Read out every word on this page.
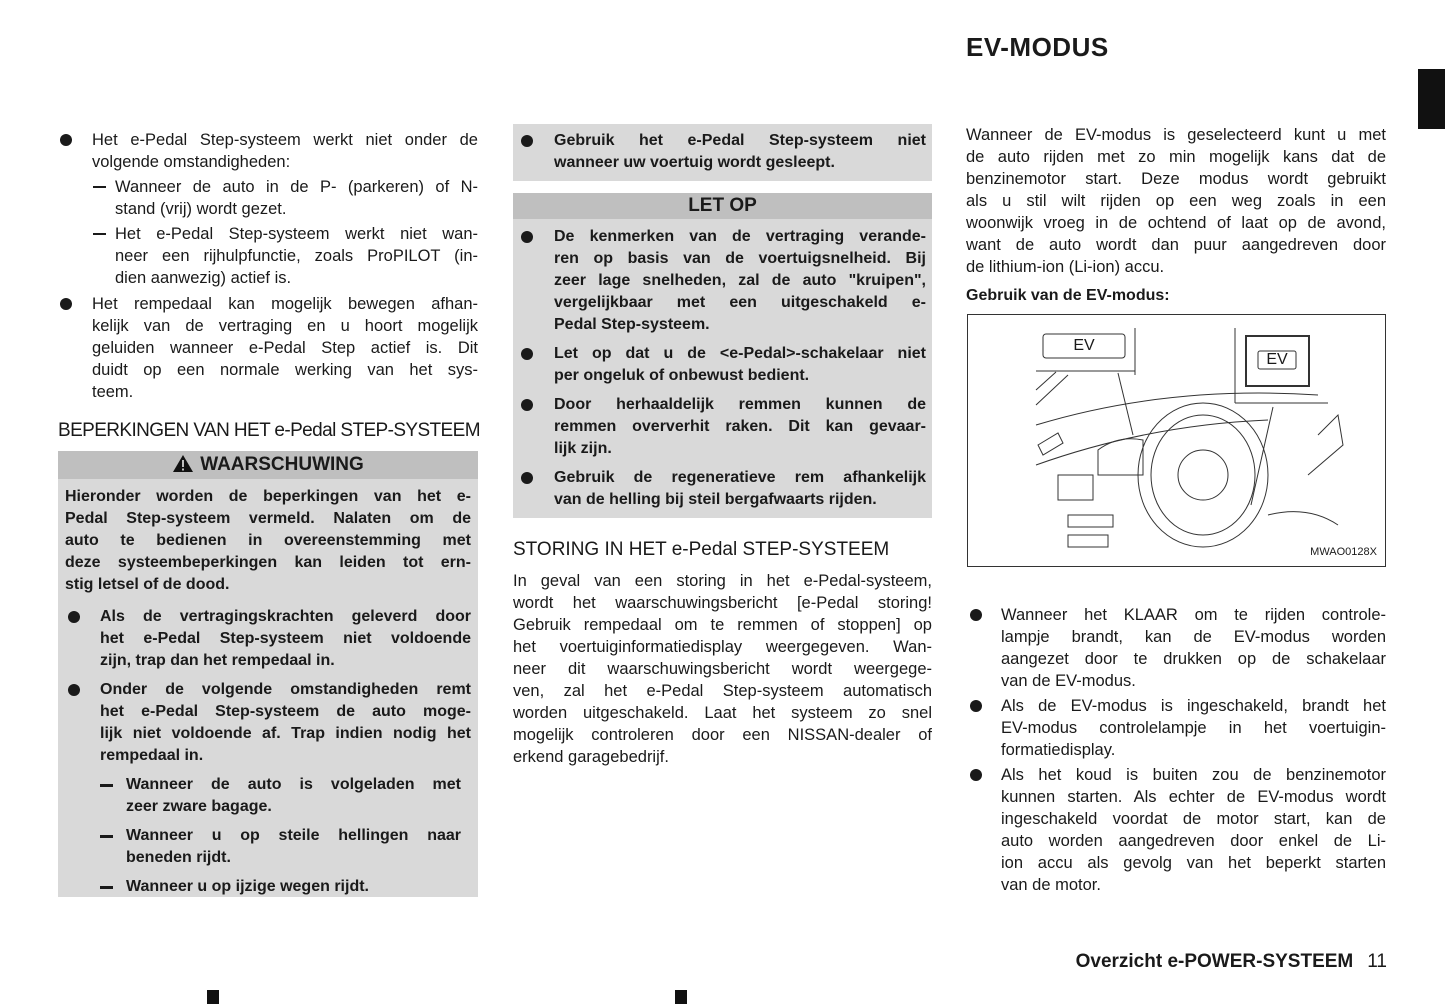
EV-MODUS
WAARSCHUWING
LET OP
BEPERKINGEN VAN HET e-Pedal STEP-SYSTEEM
STORING IN HET e-Pedal STEP-SYSTEEM
EV
EV
MWAO0128X
Overzicht e-POWER-SYSTEEM 11
Het e-Pedal Step-systeem werkt niet onder de
volgende omstandigheden:
Wanneer de auto in de P- (parkeren) of N-
stand (vrij) wordt gezet.
Het e-Pedal Step-systeem werkt niet wan-
neer een rijhulpfunctie, zoals ProPILOT (in-
dien aanwezig) actief is.
Het rempedaal kan mogelijk bewegen afhan-
kelijk van de vertraging en u hoort mogelijk
geluiden wanneer e-Pedal Step actief is. Dit
duidt op een normale werking van het sys-
teem.
Hieronder worden de beperkingen van het e-
Pedal Step-systeem vermeld. Nalaten om de
auto te bedienen in overeenstemming met
deze systeembeperkingen kan leiden tot ern-
stig letsel of de dood.
Als de vertragingskrachten geleverd door
het e-Pedal Step-systeem niet voldoende
zijn, trap dan het rempedaal in.
Onder de volgende omstandigheden remt
het e-Pedal Step-systeem de auto moge-
lijk niet voldoende af. Trap indien nodig het
rempedaal in.
Wanneer de auto is volgeladen met
zeer zware bagage.
Wanneer u op steile hellingen naar
beneden rijdt.
Wanneer u op ijzige wegen rijdt.
Gebruik het e-Pedal Step-systeem niet
wanneer uw voertuig wordt gesleept.
De kenmerken van de vertraging verande-
ren op basis van de voertuigsnelheid. Bij
zeer lage snelheden, zal de auto "kruipen",
vergelijkbaar met een uitgeschakeld e-
Pedal Step-systeem.
Let op dat u de <e-Pedal>-schakelaar niet
per ongeluk of onbewust bedient.
Door herhaaldelijk remmen kunnen de
remmen oververhit raken. Dit kan gevaar-
lijk zijn.
Gebruik de regeneratieve rem afhankelijk
van de helling bij steil bergafwaarts rijden.
In geval van een storing in het e-Pedal-systeem,
wordt het waarschuwingsbericht [e-Pedal storing!
Gebruik rempedaal om te remmen of stoppen] op
het voertuiginformatiedisplay weergegeven. Wan-
neer dit waarschuwingsbericht wordt weergege-
ven, zal het e-Pedal Step-systeem automatisch
worden uitgeschakeld. Laat het systeem zo snel
mogelijk controleren door een NISSAN-dealer of
erkend garagebedrijf.
Wanneer de EV-modus is geselecteerd kunt u met
de auto rijden met zo min mogelijk kans dat de
benzinemotor start. Deze modus wordt gebruikt
als u stil wilt rijden op een weg zoals in een
woonwijk vroeg in de ochtend of laat op de avond,
want de auto wordt dan puur aangedreven door
de lithium-ion (Li-ion) accu.
Gebruik van de EV-modus:
Wanneer het KLAAR om te rijden controle-
lampje brandt, kan de EV-modus worden
aangezet door te drukken op de schakelaar
van de EV-modus.
Als de EV-modus is ingeschakeld, brandt het
EV-modus controlelampje in het voertuigin-
formatiedisplay.
Als het koud is buiten zou de benzinemotor
kunnen starten. Als echter de EV-modus wordt
ingeschakeld voordat de motor start, kan de
auto worden aangedreven door enkel de Li-
ion accu als gevolg van het beperkt starten
van de motor.
